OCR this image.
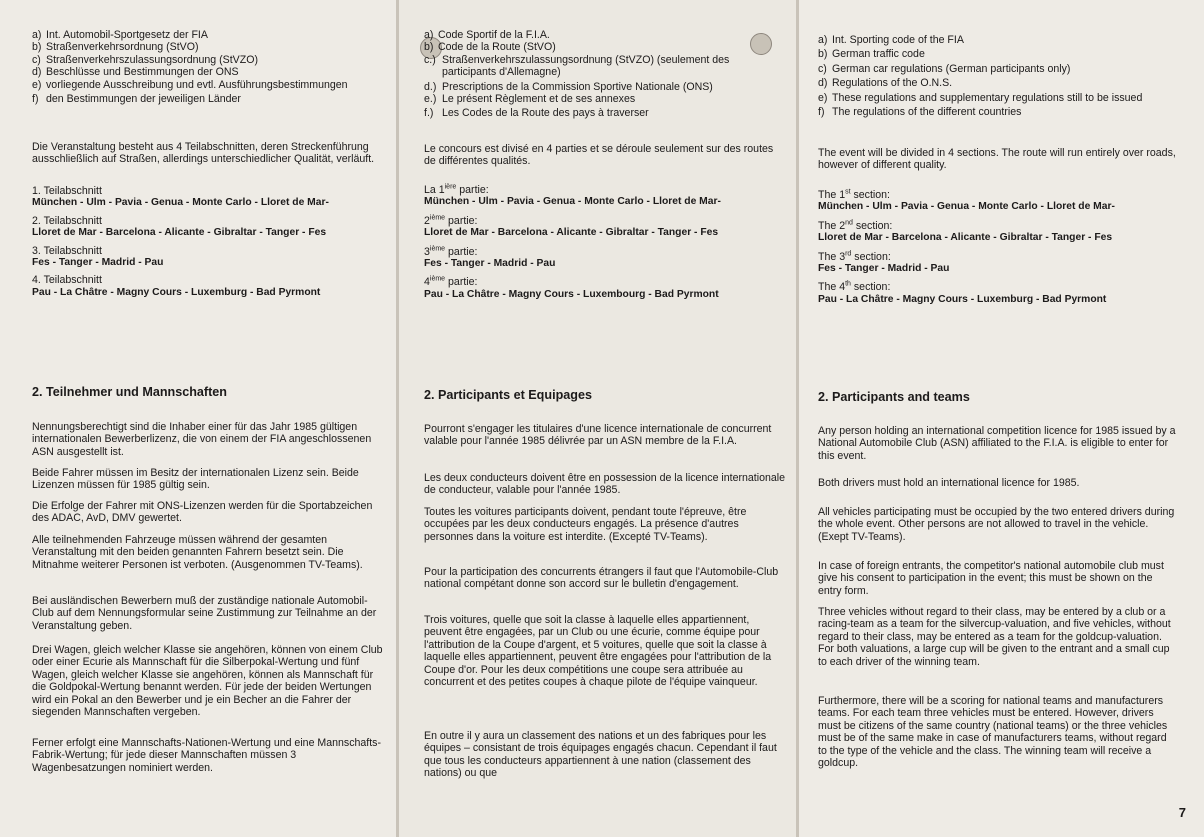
a) Int. Automobil-Sportgesetz der FIA
b) Straßenverkehrsordnung (StVO)
c) Straßenverkehrszulassungsordnung (StVZO)
d) Beschlüsse und Bestimmungen der ONS
e) vorliegende Ausschreibung und evtl. Ausführungsbestimmungen
f) den Bestimmungen der jeweiligen Länder

Die Veranstaltung besteht aus 4 Teilabschnitten, deren Streckenführung ausschließlich auf Straßen, allerdings unterschiedlicher Qualität, verläuft.

1. Teilabschnitt

München - Ulm - Pavia - Genua - Monte Carlo - Lloret de Mar-

2. Teilabschnitt

Lloret de Mar - Barcelona - Alicante - Gibraltar - Tanger - Fes

3. Teilabschnitt

Fes - Tanger - Madrid - Pau

4. Teilabschnitt

Pau - La Châtre - Magny Cours - Luxemburg - Bad Pyrmont

2. Teilnehmer und Mannschaften

Nennungsberechtigt sind die Inhaber einer für das Jahr 1985 gültigen internationalen Bewerberlizenz, die von einem der FIA angeschlossenen ASN ausgestellt ist.

Beide Fahrer müssen im Besitz der internationalen Lizenz sein. Beide Lizenzen müssen für 1985 gültig sein.

Die Erfolge der Fahrer mit ONS-Lizenzen werden für die Sportabzeichen des ADAC, AvD, DMV gewertet.

Alle teilnehmenden Fahrzeuge müssen während der gesamten Veranstaltung mit den beiden genannten Fahrern besetzt sein. Die Mitnahme weiterer Personen ist verboten. (Ausgenommen TV-Teams).

Bei ausländischen Bewerbern muß der zuständige nationale Automobil-Club auf dem Nennungsformular seine Zustimmung zur Teilnahme an der Veranstaltung geben.

Drei Wagen, gleich welcher Klasse sie angehören, können von einem Club oder einer Ecurie als Mannschaft für die Silberpokal-Wertung und fünf Wagen, gleich welcher Klasse sie angehören, können als Mannschaft für die Goldpokal-Wertung benannt werden. Für jede der beiden Wertungen wird ein Pokal an den Bewerber und je ein Becher an die Fahrer der siegenden Mannschaften vergeben.

Ferner erfolgt eine Mannschafts-Nationen-Wertung und eine Mannschafts-Fabrik-Wertung; für jede dieser Mannschaften müssen 3 Wagenbesatzungen nominiert werden.

a) Code Sportif de la F.I.A.
b) Code de la Route (StVO)
c.) Straßenverkehrszulassungsordnung (StVZO) (seulement des participants d'Allemagne)
d.) Prescriptions de la Commission Sportive Nationale (ONS)
e.) Le présent Règlement et de ses annexes
f.) Les Codes de la Route des pays à traverser

Le concours est divisé en 4 parties et se déroule seulement sur des routes de différentes qualités.

La $1^{ière}$ partie:

München - Ulm - Pavia - Genua - Monte Carlo - Lloret de Mar-

2ième partie:

Lloret de Mar - Barcelona - Alicante - Gibraltar - Tanger - Fes

3ième partie:

Fes - Tanger - Madrid - Pau

4ième partie:

Pau - La Châtre - Magny Cours - Luxembourg - Bad Pyrmont

2. Participants et Equipages

Pourront s'engager les titulaires d'une licence internationale de concurrent valable pour l'année 1985 délivrée par un ASN membre de la F.I.A.

Les deux conducteurs doivent être en possession de la licence internationale de conducteur, valable pour l'année 1985.

Toutes les voitures participants doivent, pendant toute l'épreuve, être occupées par les deux conducteurs engagés. La présence d'autres personnes dans la voiture est interdite. (Excepté TV-Teams).

Pour la participation des concurrents étrangers il faut que l'Automobile-Club national compétant donne son accord sur le bulletin d'engagement.

Trois voitures, quelle que soit la classe à laquelle elles appartiennent, peuvent être engagées, par un Club ou une écurie, comme équipe pour l'attribution de la Coupe d'argent, et 5 voitures, quelle que soit la classe à laquelle elles appartiennent, peuvent être engagées pour l'attribution de la Coupe d'or. Pour les deux compétitions une coupe sera attribuée au concurrent et des petites coupes à chaque pilote de l'équipe vainqueur.

En outre il y aura un classement des nations et un des fabriques pour les équipes – consistant de trois équipages engagés chacun. Cependant il faut que tous les conducteurs appartiennent à une nation (classement des nations) ou que

a) Int. Sporting code of the FIA
b) German traffic code
c) German car regulations (German participants only)
d) Regulations of the O.N.S.
e) These regulations and supplementary regulations still to be issued
f) The regulations of the different countries

The event will be divided in 4 sections. The route will run entirely over roads, however of different quality.

The 1st section:

München - Ulm - Pavia - Genua - Monte Carlo - Lloret de Mar-

The 2nd section:

Lloret de Mar - Barcelona - Alicante - Gibraltar - Tanger - Fes

The 3rd section:

Fes - Tanger - Madrid - Pau

The 4th section:

Pau - La Châtre - Magny Cours - Luxemburg - Bad Pyrmont

2. Participants and teams

Any person holding an international competition licence for 1985 issued by a National Automobile Club (ASN) affiliated to the F.I.A. is eligible to enter for this event.

Both drivers must hold an international licence for 1985.

All vehicles participating must be occupied by the two entered drivers during the whole event. Other persons are not allowed to travel in the vehicle. (Exept TV-Teams).

In case of foreign entrants, the competitor's national automobile club must give his consent to participation in the event; this must be shown on the entry form.

Three vehicles without regard to their class, may be entered by a club or a racing-team as a team for the silvercup-valuation, and five vehicles, without regard to their class, may be entered as a team for the goldcup-valuation. For both valuations, a large cup will be given to the entrant and a small cup to each driver of the winning team.

Furthermore, there will be a scoring for national teams and manufacturers teams. For each team three vehicles must be entered. However, drivers must be citizens of the same country (national teams) or the three vehicles must be of the same make in case of manufacturers teams, without regard to the type of the vehicle and the class. The winning team will receive a goldcup.

7
